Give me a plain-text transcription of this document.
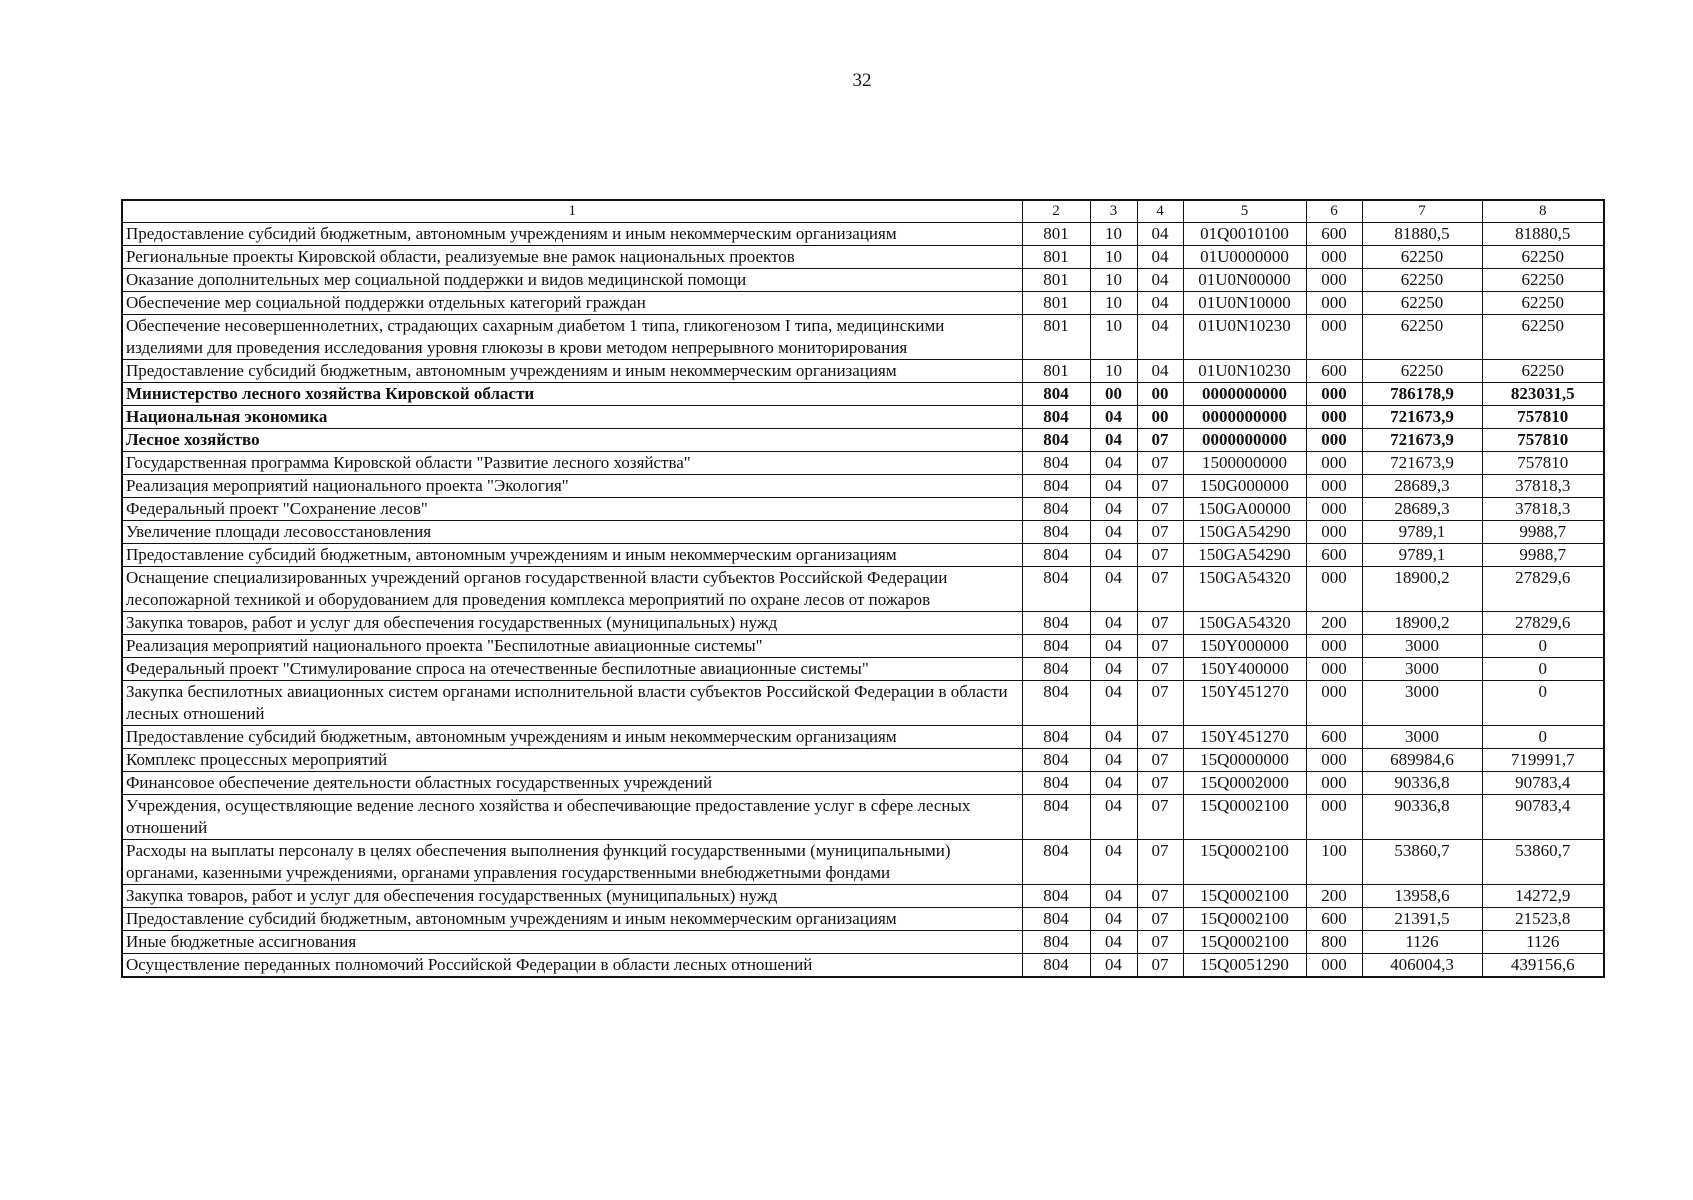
32
1	2	3	4	5	6	7	8
Предоставление субсидий бюджетным, автономным учреждениям и иным некоммерческим организациям	801	10	04	01Q0010100	600	81880,5	81880,5
Региональные проекты Кировской области, реализуемые вне рамок национальных проектов	801	10	04	01U0000000	000	62250	62250
Оказание дополнительных мер социальной поддержки и видов медицинской помощи	801	10	04	01U0N00000	000	62250	62250
Обеспечение мер социальной поддержки отдельных категорий граждан	801	10	04	01U0N10000	000	62250	62250
Обеспечение несовершеннолетних, страдающих сахарным диабетом 1 типа, гликогенозом I типа, медицинскими изделиями для проведения исследования уровня глюкозы в крови методом непрерывного мониторирования	801	10	04	01U0N10230	000	62250	62250
Предоставление субсидий бюджетным, автономным учреждениям и иным некоммерческим организациям	801	10	04	01U0N10230	600	62250	62250
Министерство лесного хозяйства Кировской области	804	00	00	0000000000	000	786178,9	823031,5
Национальная экономика	804	04	00	0000000000	000	721673,9	757810
Лесное хозяйство	804	04	07	0000000000	000	721673,9	757810
Государственная программа Кировской области "Развитие лесного хозяйства"	804	04	07	1500000000	000	721673,9	757810
Реализация мероприятий национального проекта "Экология"	804	04	07	150G000000	000	28689,3	37818,3
Федеральный проект "Сохранение лесов"	804	04	07	150GA00000	000	28689,3	37818,3
Увеличение площади лесовосстановления	804	04	07	150GA54290	000	9789,1	9988,7
Предоставление субсидий бюджетным, автономным учреждениям и иным некоммерческим организациям	804	04	07	150GA54290	600	9789,1	9988,7
Оснащение специализированных учреждений органов государственной власти субъектов Российской Федерации лесопожарной техникой и оборудованием для проведения комплекса мероприятий по охране лесов от пожаров	804	04	07	150GA54320	000	18900,2	27829,6
Закупка товаров, работ и услуг для обеспечения государственных (муниципальных) нужд	804	04	07	150GA54320	200	18900,2	27829,6
Реализация мероприятий национального проекта "Беспилотные авиационные системы"	804	04	07	150Y000000	000	3000	0
Федеральный проект "Стимулирование спроса на отечественные беспилотные авиационные системы"	804	04	07	150Y400000	000	3000	0
Закупка беспилотных авиационных систем органами исполнительной власти субъектов Российской Федерации в области лесных отношений	804	04	07	150Y451270	000	3000	0
Предоставление субсидий бюджетным, автономным учреждениям и иным некоммерческим организациям	804	04	07	150Y451270	600	3000	0
Комплекс процессных мероприятий	804	04	07	15Q0000000	000	689984,6	719991,7
Финансовое обеспечение деятельности областных государственных учреждений	804	04	07	15Q0002000	000	90336,8	90783,4
Учреждения, осуществляющие ведение лесного хозяйства и обеспечивающие предоставление услуг в сфере лесных отношений	804	04	07	15Q0002100	000	90336,8	90783,4
Расходы на выплаты персоналу в целях обеспечения выполнения функций государственными (муниципальными) органами, казенными учреждениями, органами управления государственными внебюджетными фондами	804	04	07	15Q0002100	100	53860,7	53860,7
Закупка товаров, работ и услуг для обеспечения государственных (муниципальных) нужд	804	04	07	15Q0002100	200	13958,6	14272,9
Предоставление субсидий бюджетным, автономным учреждениям и иным некоммерческим организациям	804	04	07	15Q0002100	600	21391,5	21523,8
Иные бюджетные ассигнования	804	04	07	15Q0002100	800	1126	1126
Осуществление переданных полномочий Российской Федерации в области лесных отношений	804	04	07	15Q0051290	000	406004,3	439156,6
